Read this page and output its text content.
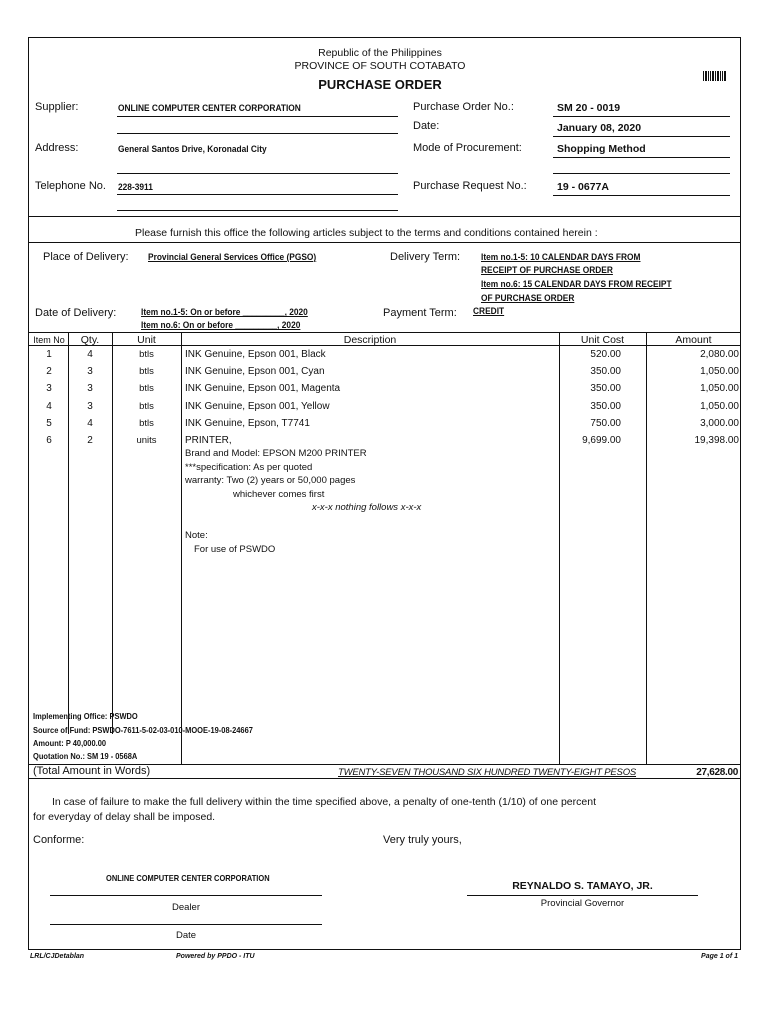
Republic of the Philippines
PROVINCE OF SOUTH COTABATO
PURCHASE ORDER
Supplier:	ONLINE COMPUTER CENTER CORPORATION
Address:	General Santos Drive, Koronadal City
Telephone No. 228-3911
Purchase Order No.:	SM 20 - 0019
Date:	January 08, 2020
Mode of Procurement:	Shopping Method
Purchase Request No.:	19 - 0677A
Please furnish this office the following articles subject to the terms and conditions contained herein :
Place of Delivery: Provincial General Services Office (PGSO)	Delivery Term: Item no.1-5: 10 CALENDAR DAYS FROM
RECEIPT OF PURCHASE ORDER
Item no.6: 15 CALENDAR DAYS FROM RECEIPT
OF PURCHASE ORDER
Date of Delivery:	Item no.1-5: On or before _________, 2020
Item no.6: On or before _________, 2020
Payment Term: CREDIT
Item No	Qty.	Unit	Description	Unit Cost	Amount
1	4	btls	INK Genuine, Epson 001, Black	520.00	2,080.00
2	3	btls	INK Genuine, Epson 001, Cyan	350.00	1,050.00
3	3	btls	INK Genuine, Epson 001, Magenta	350.00	1,050.00
4	3	btls	INK Genuine, Epson 001, Yellow	350.00	1,050.00
5	4	btls	INK Genuine, Epson, T7741	750.00	3,000.00
6	2	units	PRINTER,	9,699.00	19,398.00
Brand and Model: EPSON M200 PRINTER
***specification: As per quoted
warranty: Two (2) years or 50,000 pages
whichever comes first
x-x-x nothing follows x-x-x
Note:
For use of PSWDO
Implementing Office: PSWDO
Source of Fund: PSWDO-7611-5-02-03-010-MOOE-19-08-24667
Amount: P 40,000.00
Quotation No.: SM 19 - 0568A
(Total Amount in Words)	TWENTY-SEVEN THOUSAND SIX HUNDRED TWENTY-EIGHT PESOS	27,628.00
In case of failure to make the full delivery within the time specified above, a penalty of one-tenth (1/10) of one percent
for everyday of delay shall be imposed.
Conforme:	Very truly yours,
ONLINE COMPUTER CENTER CORPORATION
Dealer
Date
REYNALDO S. TAMAYO, JR.
Provincial Governor
LRL/CJDetablan	Powered by PPDO - ITU	Page 1 of 1
